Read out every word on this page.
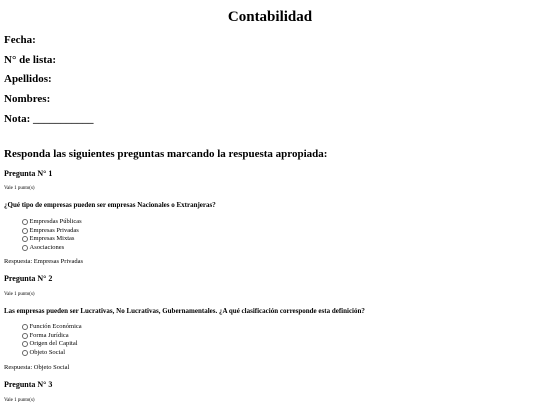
Contabilidad
Fecha:
N° de lista:
Apellidos:
Nombres:
Nota: ___________
Responda las siguientes preguntas marcando la respuesta apropiada:
Pregunta N° 1
Vale 1 punto(s)
¿Qué tipo de empresas pueden ser empresas Nacionales o Extranjeras?
Empresdas Públicas
Empresas Privadas
Empresas Mixtas
Asociaciones
Respuesta: Empresas Privadas
Pregunta N° 2
Vale 1 punto(s)
Las empresas pueden ser Lucrativas, No Lucrativas, Gubernamentales. ¿A qué clasificación corresponde esta definición?
Función Económica
Forma Jurídica
Origen del Capital
Objeto Social
Respuesta: Objeto Social
Pregunta N° 3
Vale 1 punto(s)
